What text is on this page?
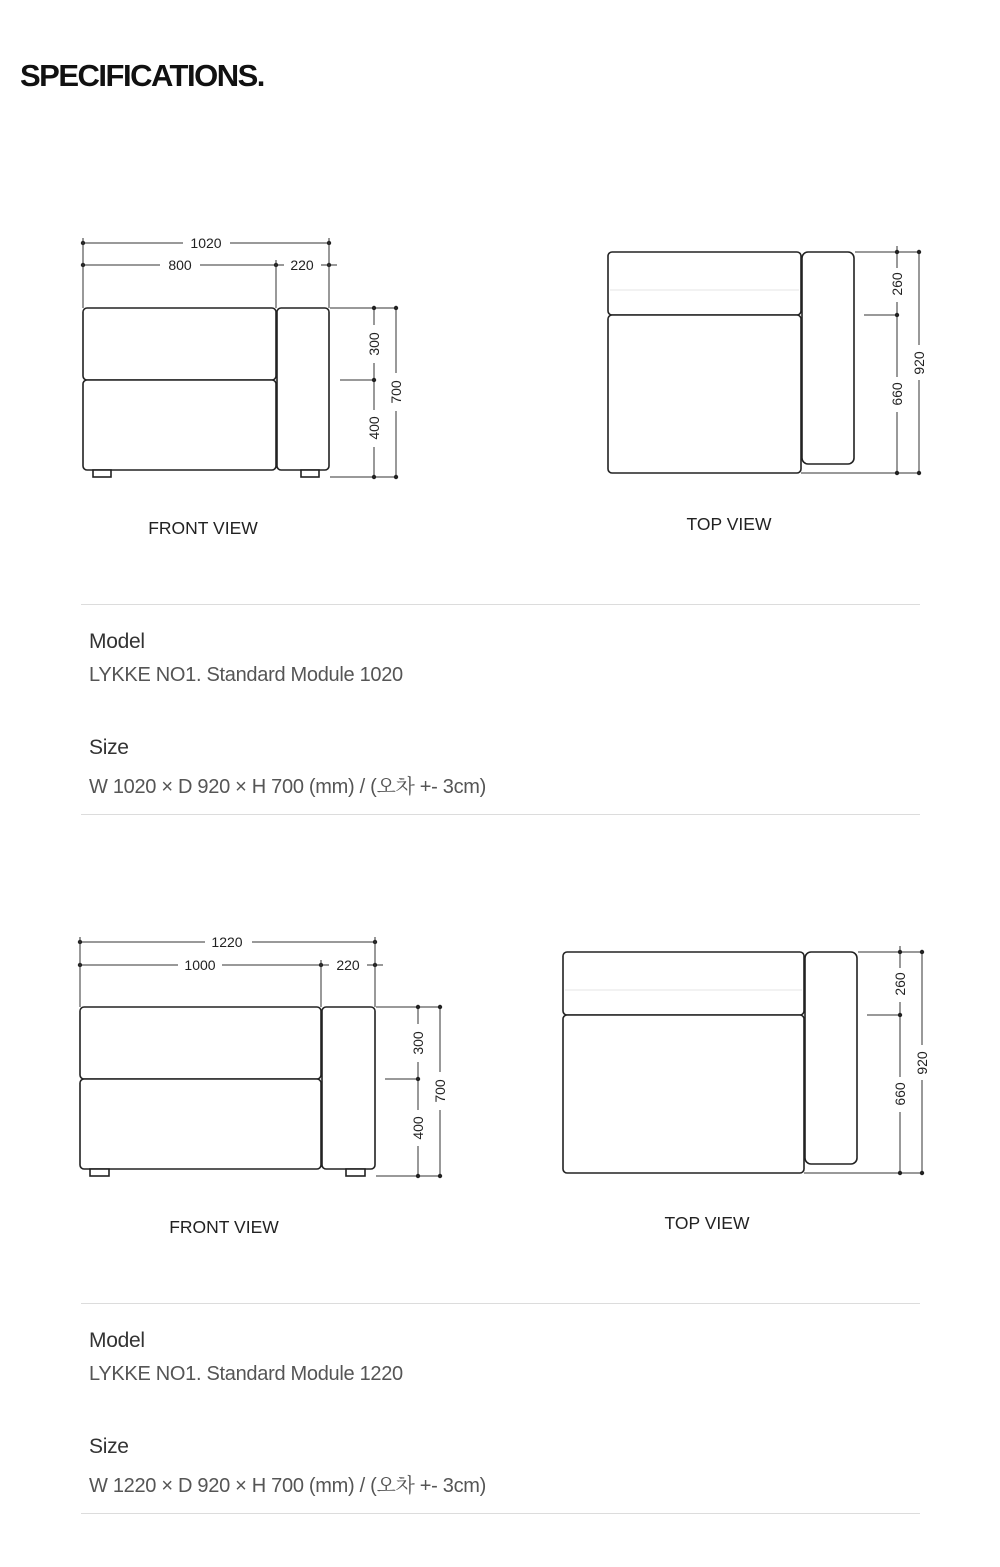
SPECIFICATIONS.
1020
800	220
300
400
700
FRONT VIEW
260
660
920
TOP VIEW

Model

LYKKE NO1. Standard Module 1020

Size

W 1020 × D 920 × H 700 (mm) / (오차 +- 3cm)

1220
1000	220
300
400
700
FRONT VIEW
260
660
920
TOP VIEW

Model

LYKKE NO1. Standard Module 1220

Size

W 1220 × D 920 × H 700 (mm) / (오차 +- 3cm)
